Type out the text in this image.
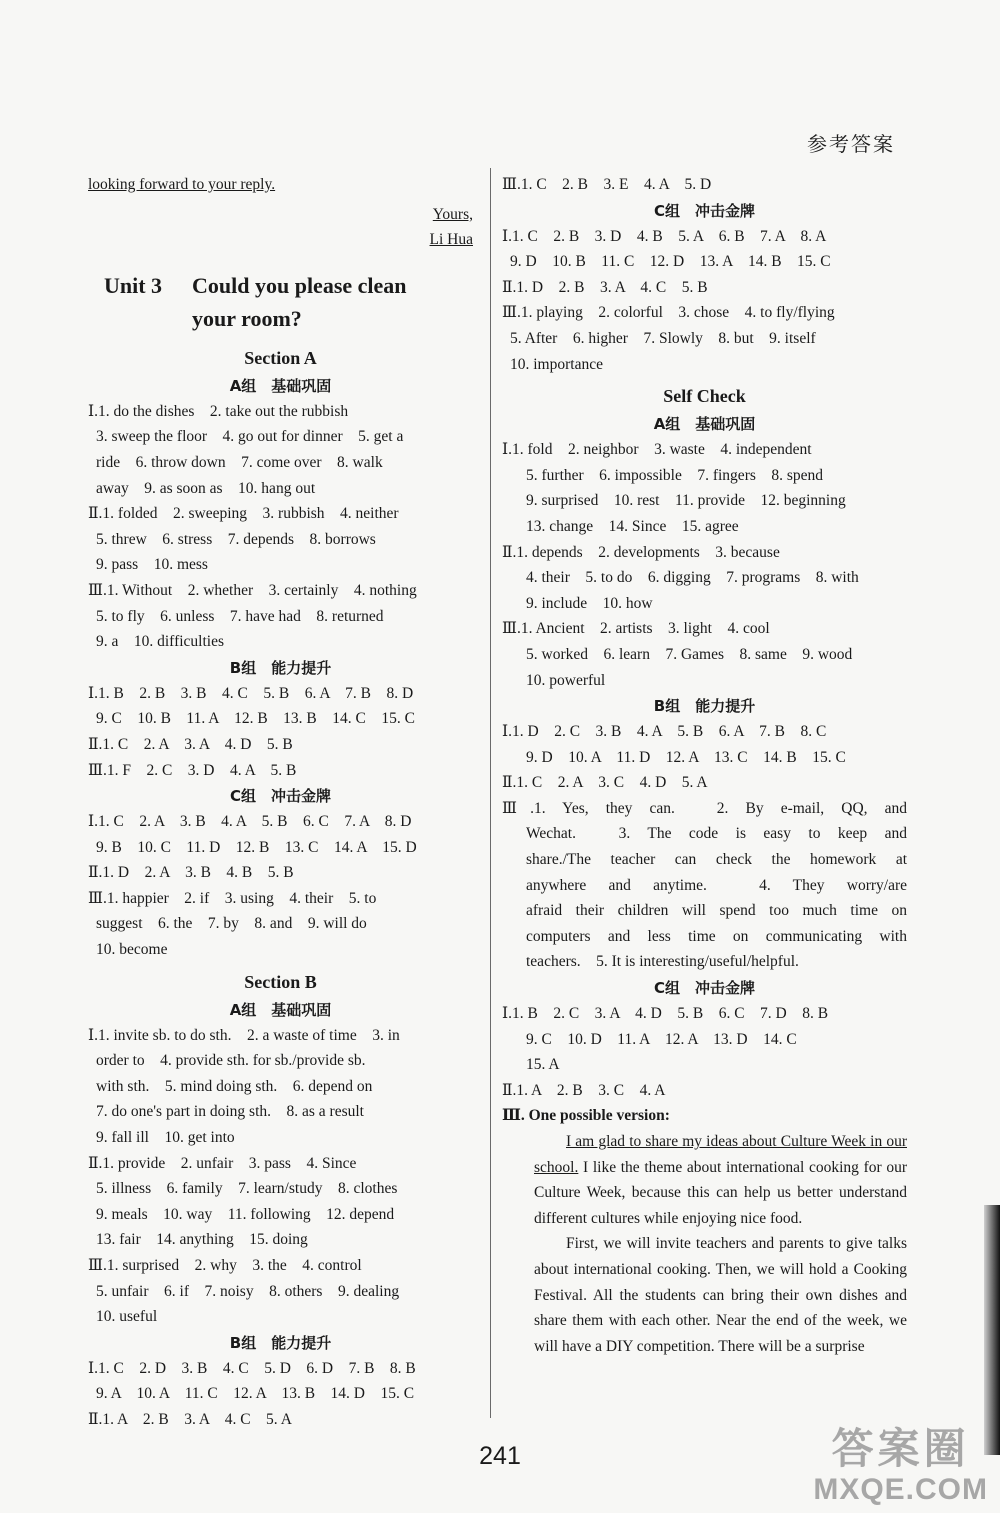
参考答案
looking forward to your reply.
Yours,
Li Hua
Unit 3 Could you please clean
your room?
Section A
A组　基础巩固
Ⅰ.1. do the dishes　2. take out the rubbish
3. sweep the floor　4. go out for dinner　5. get a
ride　6. throw down　7. come over　8. walk
away　9. as soon as　10. hang out
Ⅱ.1. folded　2. sweeping　3. rubbish　4. neither
5. threw　6. stress　7. depends　8. borrows
9. pass　10. mess
Ⅲ.1. Without　2. whether　3. certainly　4. nothing
5. to fly　6. unless　7. have had　8. returned
9. a　10. difficulties
B组　能力提升
Ⅰ.1. B　2. B　3. B　4. C　5. B　6. A　7. B　8. D
9. C　10. B　11. A　12. B　13. B　14. C　15. C
Ⅱ.1. C　2. A　3. A　4. D　5. B
Ⅲ.1. F　2. C　3. D　4. A　5. B
C组　冲击金牌
Ⅰ.1. C　2. A　3. B　4. A　5. B　6. C　7. A　8. D
9. B　10. C　11. D　12. B　13. C　14. A　15. D
Ⅱ.1. D　2. A　3. B　4. B　5. B
Ⅲ.1. happier　2. if　3. using　4. their　5. to
suggest　6. the　7. by　8. and　9. will do
10. become
Section B
A组　基础巩固
Ⅰ.1. invite sb. to do sth.　2. a waste of time　3. in
order to　4. provide sth. for sb./provide sb.
with sth.　5. mind doing sth.　6. depend on
7. do one's part in doing sth.　8. as a result
9. fall ill　10. get into
Ⅱ.1. provide　2. unfair　3. pass　4. Since
5. illness　6. family　7. learn/study　8. clothes
9. meals　10. way　11. following　12. depend
13. fair　14. anything　15. doing
Ⅲ.1. surprised　2. why　3. the　4. control
5. unfair　6. if　7. noisy　8. others　9. dealing
10. useful
B组　能力提升
Ⅰ.1. C　2. D　3. B　4. C　5. D　6. D　7. B　8. B
9. A　10. A　11. C　12. A　13. B　14. D　15. C
Ⅱ.1. A　2. B　3. A　4. C　5. A
Ⅲ.1. C　2. B　3. E　4. A　5. D
C组　冲击金牌
Ⅰ.1. C　2. B　3. D　4. B　5. A　6. B　7. A　8. A
9. D　10. B　11. C　12. D　13. A　14. B　15. C
Ⅱ.1. D　2. B　3. A　4. C　5. B
Ⅲ.1. playing　2. colorful　3. chose　4. to fly/flying
5. After　6. higher　7. Slowly　8. but　9. itself
10. importance
Self Check
A组　基础巩固
Ⅰ.1. fold　2. neighbor　3. waste　4. independent
5. further　6. impossible　7. fingers　8. spend
9. surprised　10. rest　11. provide　12. beginning
13. change　14. Since　15. agree
Ⅱ.1. depends　2. developments　3. because
4. their　5. to do　6. digging　7. programs　8. with
9. include　10. how
Ⅲ.1. Ancient　2. artists　3. light　4. cool
5. worked　6. learn　7. Games　8. same　9. wood
10. powerful
B组　能力提升
Ⅰ.1. D　2. C　3. B　4. A　5. B　6. A　7. B　8. C
9. D　10. A　11. D　12. A　13. C　14. B　15. C
Ⅱ.1. C　2. A　3. C　4. D　5. A
Ⅲ.1. Yes, they can.　2. By e-mail, QQ, and
Wechat.　3. The code is easy to keep and
share./The teacher can check the homework at
anywhere and anytime.　4. They worry/are
afraid their children will spend too much time on
computers and less time on communicating with
teachers.　5. It is interesting/useful/helpful.
C组　冲击金牌
Ⅰ.1. B　2. C　3. A　4. D　5. B　6. C　7. D　8. B
9. C　10. D　11. A　12. A　13. D　14. C
15. A
Ⅱ.1. A　2. B　3. C　4. A
Ⅲ. One possible version:

I am glad to share my ideas about Culture Week in our school. I like the theme about international cooking for our Culture Week, because this can help us better understand different cultures while enjoying nice food.

First, we will invite teachers and parents to give talks about international cooking. Then, we will hold a Cooking Festival. All the students can bring their own dishes and share them with each other. Near the end of the week, we will have a DIY competition. There will be a surprise

241	答案圈
MXQE.COM
